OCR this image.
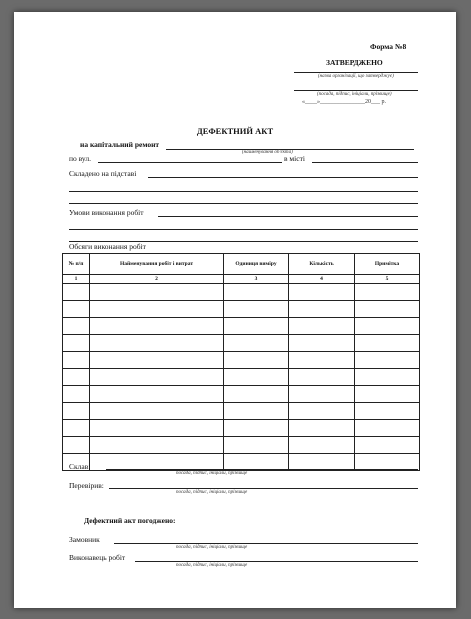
Форма №8
ЗАТВЕРДЖЕНО
(назва організації, що затверджує)
(посада, підпис, ініціали, прізвище)
«____»_______________20___ р.
ДЕФЕКТНИЙ АКТ
на капітальний ремонт
(найменування об'єкта)
по вул.	в місті
Складено на підставі
Умови виконання робіт
Обсяги виконання робіт
№ п/п	Найменування робіт і витрат	Одиниця виміру	Кількість	Примітка
1	2	3	4	5

Склав:
посада, підпис, ініціали, прізвище
Перевірив:
посада, підпис, ініціали, прізвище
Дефектний акт погоджено:
Замовник
посада, підпис, ініціали, прізвище
Виконавець робіт
посада, підпис, ініціали, прізвище
